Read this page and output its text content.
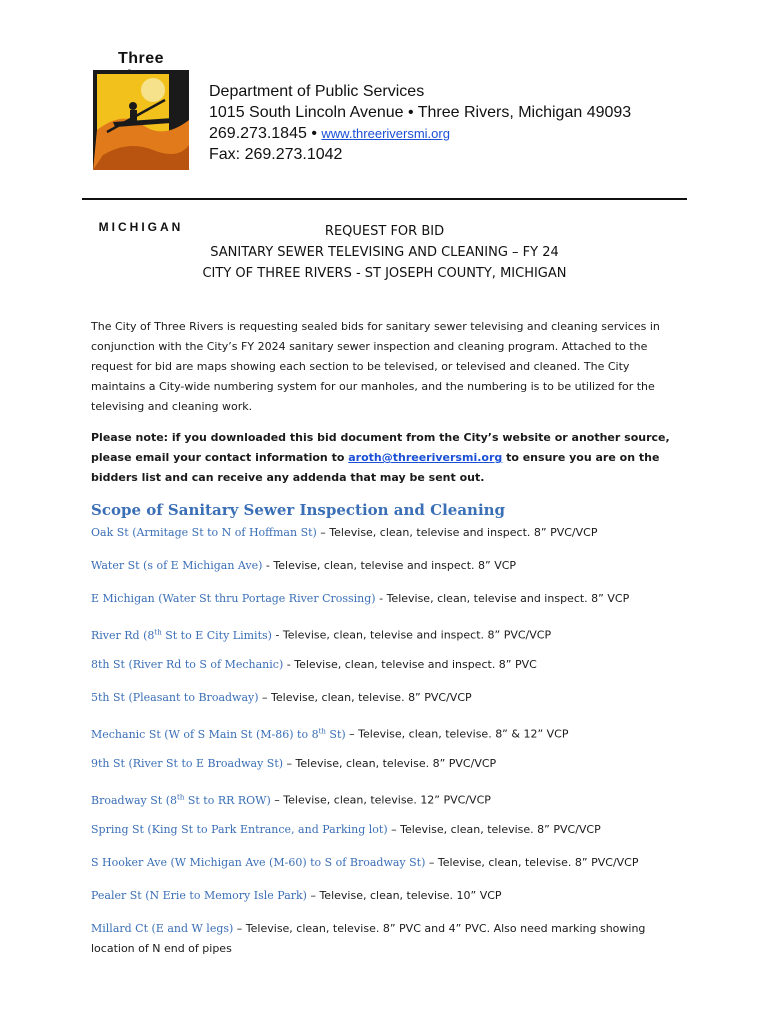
Three
MICHIGAN
Department of Public Services
1015 South Lincoln Avenue • Three Rivers, Michigan 49093
269.273.1845 • www.threeriversmi.org
Fax: 269.273.1042
REQUEST FOR BID
SANITARY SEWER TELEVISING AND CLEANING – FY 24
CITY OF THREE RIVERS - ST JOSEPH COUNTY, MICHIGAN
The City of Three Rivers is requesting sealed bids for sanitary sewer televising and cleaning services in conjunction with the City’s FY 2024 sanitary sewer inspection and cleaning program. Attached to the request for bid are maps showing each section to be televised, or televised and cleaned. The City maintains a City-wide numbering system for our manholes, and the numbering is to be utilized for the televising and cleaning work.
Please note: if you downloaded this bid document from the City’s website or another source, please email your contact information to aroth@threeriversmi.org to ensure you are on the bidders list and can receive any addenda that may be sent out.
Scope of Sanitary Sewer Inspection and Cleaning
Oak St (Armitage St to N of Hoffman St) – Televise, clean, televise and inspect. 8” PVC/VCP
Water St (s of E Michigan Ave) - Televise, clean, televise and inspect. 8” VCP
E Michigan (Water St thru Portage River Crossing) - Televise, clean, televise and inspect. 8” VCP
River Rd (8th St to E City Limits) - Televise, clean, televise and inspect. 8” PVC/VCP
8th St (River Rd to S of Mechanic) - Televise, clean, televise and inspect. 8” PVC
5th St (Pleasant to Broadway) – Televise, clean, televise. 8” PVC/VCP
Mechanic St (W of S Main St (M-86) to 8th St) – Televise, clean, televise. 8” & 12” VCP
9th St (River St to E Broadway St) – Televise, clean, televise. 8” PVC/VCP
Broadway St (8th St to RR ROW) – Televise, clean, televise. 12” PVC/VCP
Spring St (King St to Park Entrance, and Parking lot) – Televise, clean, televise. 8” PVC/VCP
S Hooker Ave (W Michigan Ave (M-60) to S of Broadway St) – Televise, clean, televise. 8” PVC/VCP
Pealer St (N Erie to Memory Isle Park) – Televise, clean, televise. 10” VCP
Millard Ct (E and W legs) – Televise, clean, televise. 8” PVC and 4” PVC. Also need marking showing location of N end of pipes
